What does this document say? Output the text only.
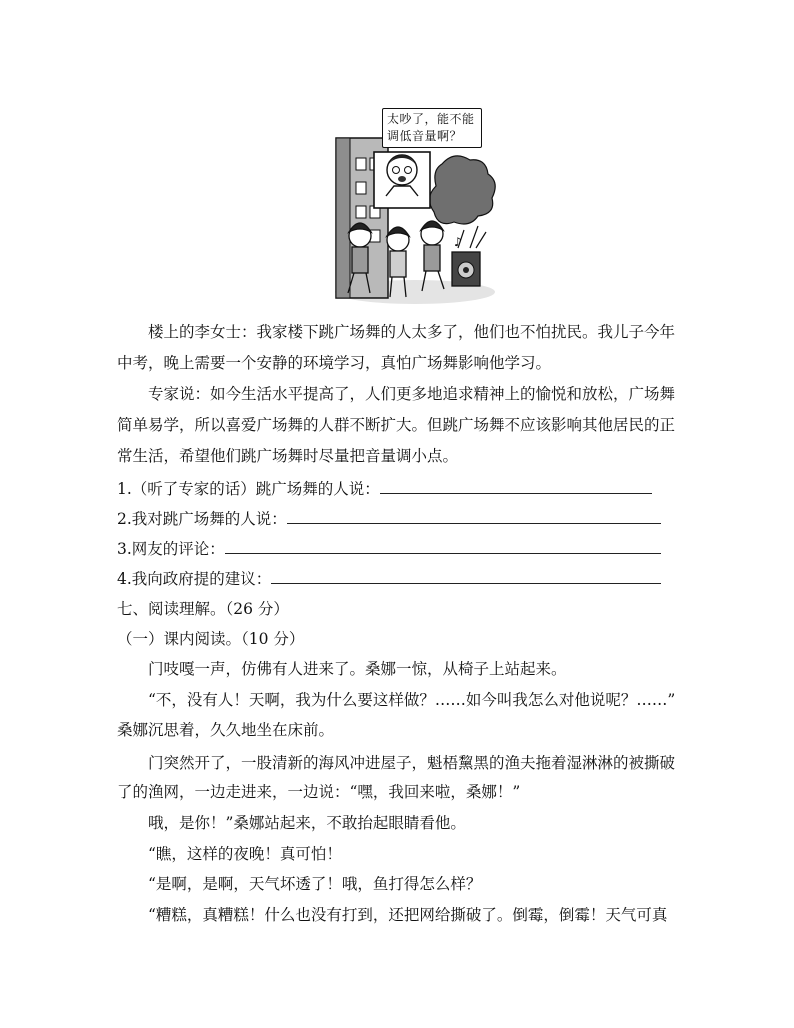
♪
太吵了，能不能
调低音量啊？
楼上的李女士：我家楼下跳广场舞的人太多了，他们也不怕扰民。我儿子今年
中考，晚上需要一个安静的环境学习，真怕广场舞影响他学习。
专家说：如今生活水平提高了，人们更多地追求精神上的愉悦和放松，广场舞
简单易学，所以喜爱广场舞的人群不断扩大。但跳广场舞不应该影响其他居民的正
常生活，希望他们跳广场舞时尽量把音量调小点。
1.（听了专家的话）跳广场舞的人说：
2.我对跳广场舞的人说：
3.网友的评论：
4.我向政府提的建议：
七、阅读理解。（26 分）
（一）课内阅读。（10 分）
门吱嘎一声，仿佛有人进来了。桑娜一惊，从椅子上站起来。
“不，没有人！天啊，我为什么要这样做？……如今叫我怎么对他说呢？……”
桑娜沉思着，久久地坐在床前。
门突然开了，一股清新的海风冲进屋子，魁梧黧黑的渔夫拖着湿淋淋的被撕破
了的渔网，一边走进来，一边说：“嘿，我回来啦，桑娜！”
哦，是你！”桑娜站起来，不敢抬起眼睛看他。
“瞧，这样的夜晚！真可怕！
“是啊，是啊，天气坏透了！哦，鱼打得怎么样？
“糟糕，真糟糕！什么也没有打到，还把网给撕破了。倒霉，倒霉！天气可真
